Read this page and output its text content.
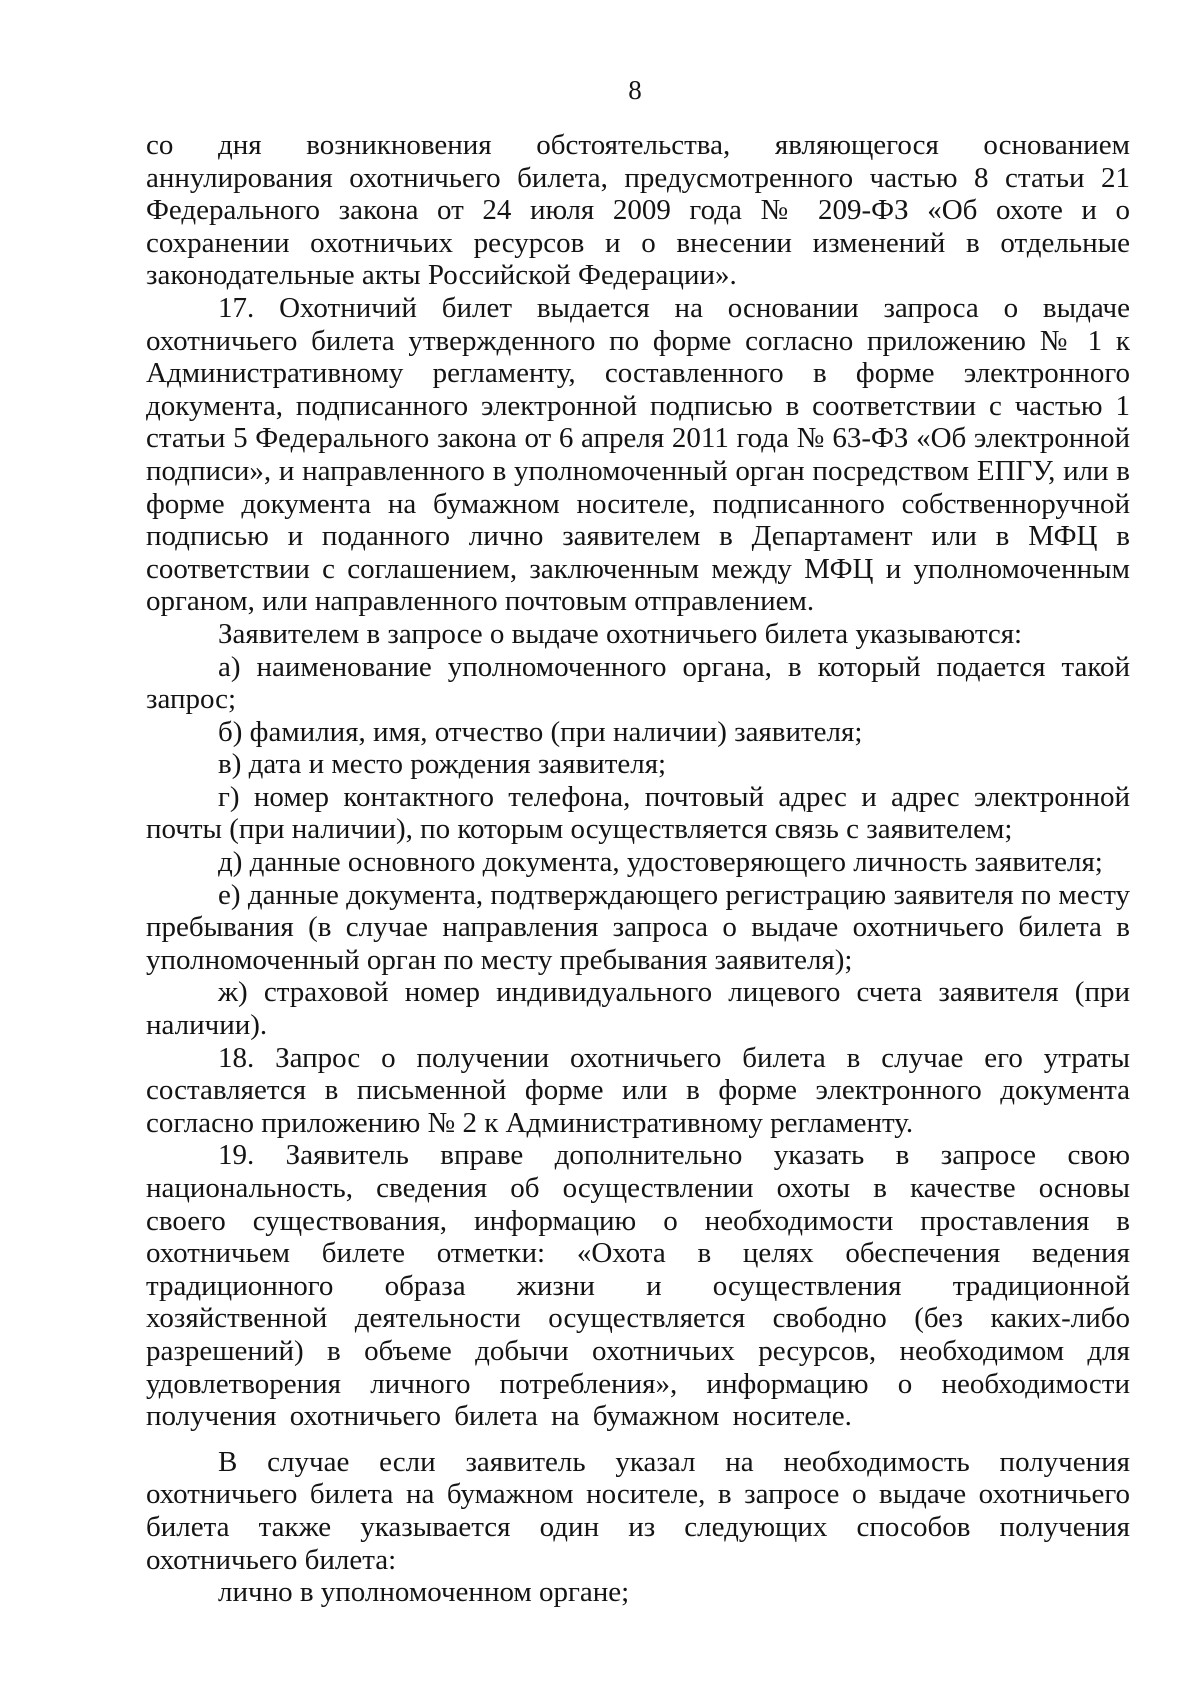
8

со дня возникновения обстоятельства, являющегося основанием аннулирования охотничьего билета, предусмотренного частью 8 статьи 21 Федерального закона от 24 июля 2009 года № 209-ФЗ «Об охоте и о сохранении охотничьих ресурсов и о внесении изменений в отдельные законодательные акты Российской Федерации».

17. Охотничий билет выдается на основании запроса о выдаче охотничьего билета утвержденного по форме согласно приложению № 1 к Административному регламенту, составленного в форме электронного документа, подписанного электронной подписью в соответствии с частью 1 статьи 5 Федерального закона от 6 апреля 2011 года № 63-ФЗ «Об электронной подписи», и направленного в уполномоченный орган посредством ЕПГУ, или в форме документа на бумажном носителе, подписанного собственноручной подписью и поданного лично заявителем в Департамент или в МФЦ в соответствии с соглашением, заключенным между МФЦ и уполномоченным органом, или направленного почтовым отправлением.

Заявителем в запросе о выдаче охотничьего билета указываются:

а) наименование уполномоченного органа, в который подается такой запрос;

б) фамилия, имя, отчество (при наличии) заявителя;

в) дата и место рождения заявителя;

г) номер контактного телефона, почтовый адрес и адрес электронной почты (при наличии), по которым осуществляется связь с заявителем;

д) данные основного документа, удостоверяющего личность заявителя;

е) данные документа, подтверждающего регистрацию заявителя по месту пребывания (в случае направления запроса о выдаче охотничьего билета в уполномоченный орган по месту пребывания заявителя);

ж) страховой номер индивидуального лицевого счета заявителя (при наличии).

18. Запрос о получении охотничьего билета в случае его утраты составляется в письменной форме или в форме электронного документа согласно приложению № 2 к Административному регламенту.

19. Заявитель вправе дополнительно указать в запросе свою национальность, сведения об осуществлении охоты в качестве основы своего существования, информацию о необходимости проставления в охотничьем билете отметки: «Охота в целях обеспечения ведения традиционного образа жизни и осуществления традиционной хозяйственной деятельности осуществляется свободно (без каких-либо разрешений) в объеме добычи охотничьих ресурсов, необходимом для удовлетворения личного потребления», информацию о необходимости получения охотничьего билета на бумажном носителе.

В случае если заявитель указал на необходимость получения охотничьего билета на бумажном носителе, в запросе о выдаче охотничьего билета также указывается один из следующих способов получения охотничьего билета:

лично в уполномоченном органе;
